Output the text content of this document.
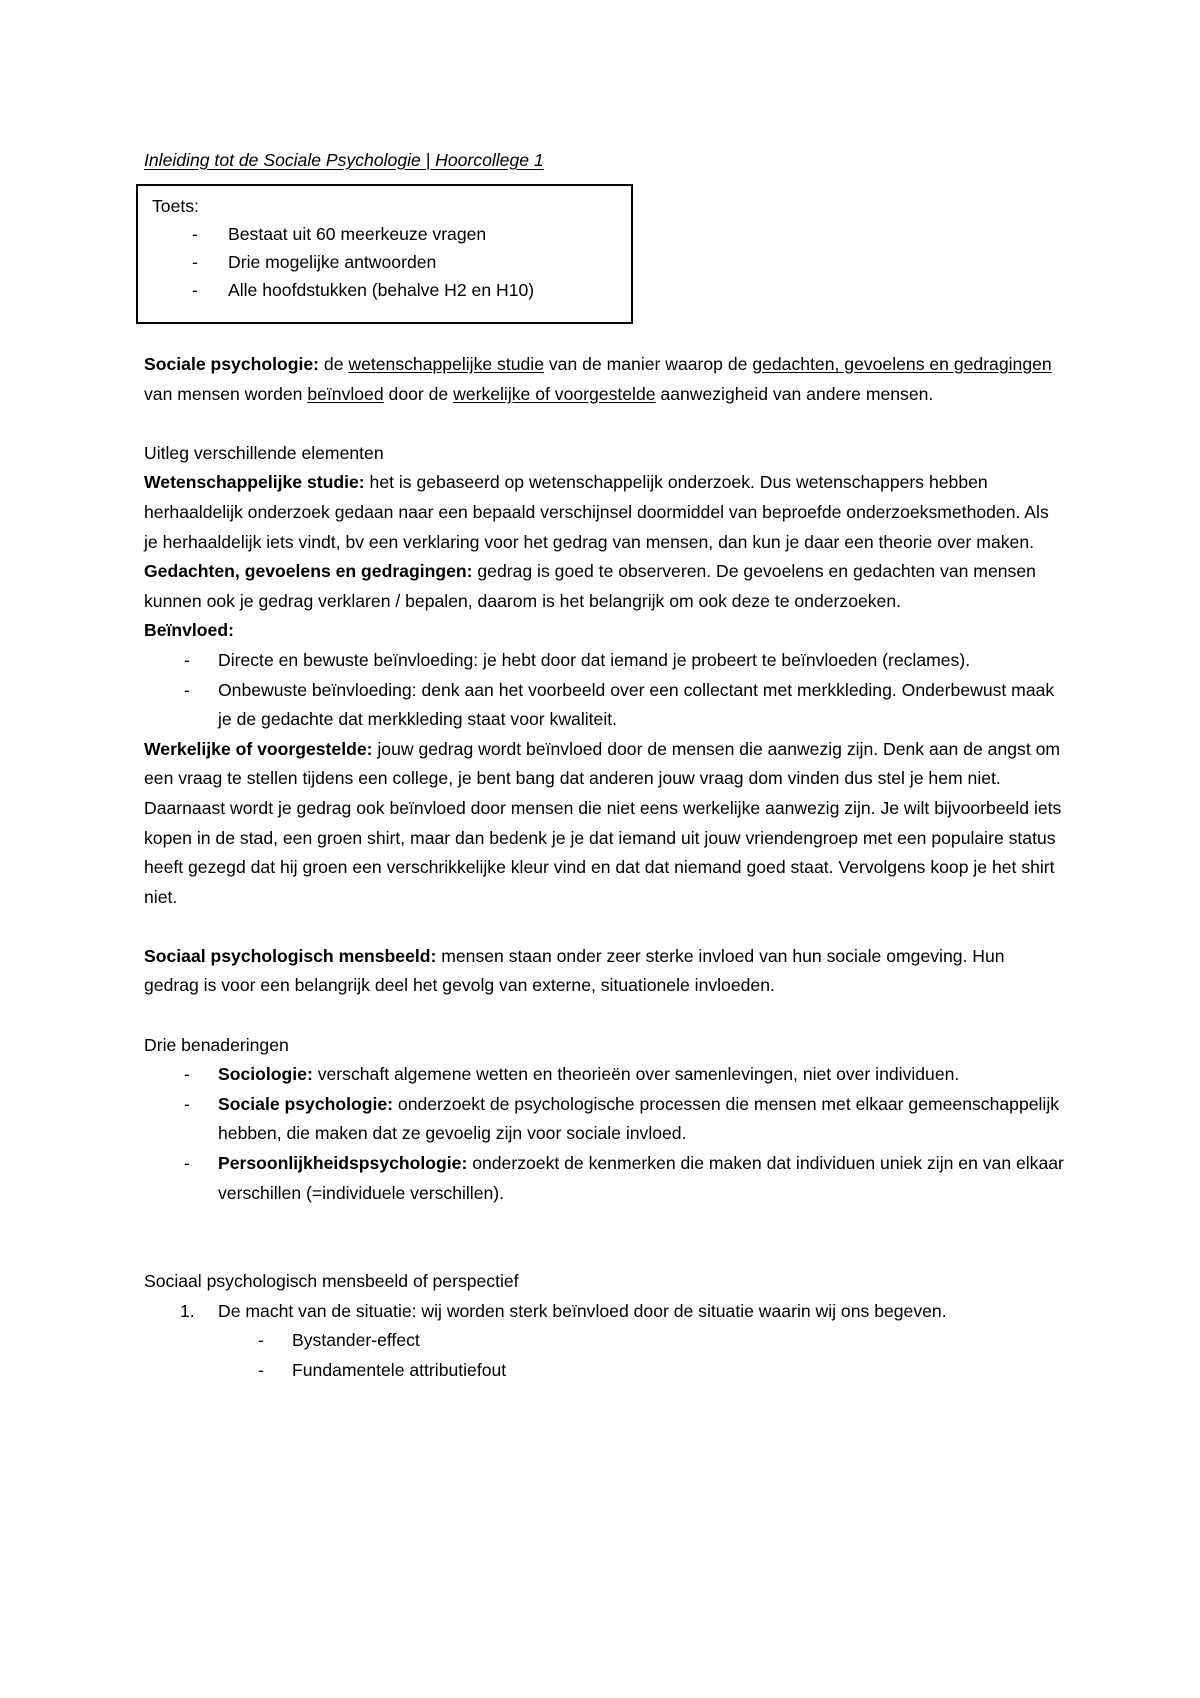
Inleiding tot de Sociale Psychologie | Hoorcollege 1
Toets:
- Bestaat uit 60 meerkeuze vragen
- Drie mogelijke antwoorden
- Alle hoofdstukken (behalve H2 en H10)

Sociale psychologie: de wetenschappelijke studie van de manier waarop de gedachten, gevoelens en gedragingen van mensen worden beïnvloed door de werkelijke of voorgestelde aanwezigheid van andere mensen.

Uitleg verschillende elementen

Wetenschappelijke studie: het is gebaseerd op wetenschappelijk onderzoek. Dus wetenschappers hebben herhaaldelijk onderzoek gedaan naar een bepaald verschijnsel doormiddel van beproefde onderzoeksmethoden. Als je herhaaldelijk iets vindt, bv een verklaring voor het gedrag van mensen, dan kun je daar een theorie over maken.

Gedachten, gevoelens en gedragingen: gedrag is goed te observeren. De gevoelens en gedachten van mensen kunnen ook je gedrag verklaren / bepalen, daarom is het belangrijk om ook deze te onderzoeken.

Beïnvloed:

- Directe en bewuste beïnvloeding: je hebt door dat iemand je probeert te beïnvloeden (reclames).
- Onbewuste beïnvloeding: denk aan het voorbeeld over een collectant met merkkleding. Onderbewust maak je de gedachte dat merkkleding staat voor kwaliteit.

Werkelijke of voorgestelde: jouw gedrag wordt beïnvloed door de mensen die aanwezig zijn. Denk aan de angst om een vraag te stellen tijdens een college, je bent bang dat anderen jouw vraag dom vinden dus stel je hem niet. Daarnaast wordt je gedrag ook beïnvloed door mensen die niet eens werkelijke aanwezig zijn. Je wilt bijvoorbeeld iets kopen in de stad, een groen shirt, maar dan bedenk je je dat iemand uit jouw vriendengroep met een populaire status heeft gezegd dat hij groen een verschrikkelijke kleur vind en dat dat niemand goed staat. Vervolgens koop je het shirt niet.

Sociaal psychologisch mensbeeld: mensen staan onder zeer sterke invloed van hun sociale omgeving. Hun gedrag is voor een belangrijk deel het gevolg van externe, situationele invloeden.

Drie benaderingen

- Sociologie: verschaft algemene wetten en theorieën over samenlevingen, niet over individuen.
- Sociale psychologie: onderzoekt de psychologische processen die mensen met elkaar gemeenschappelijk hebben, die maken dat ze gevoelig zijn voor sociale invloed.
- Persoonlijkheidspsychologie: onderzoekt de kenmerken die maken dat individuen uniek zijn en van elkaar verschillen (=individuele verschillen).

Sociaal psychologisch mensbeeld of perspectief

1. De macht van de situatie: wij worden sterk beïnvloed door de situatie waarin wij ons begeven.
- Bystander-effect
- Fundamentele attributiefout
